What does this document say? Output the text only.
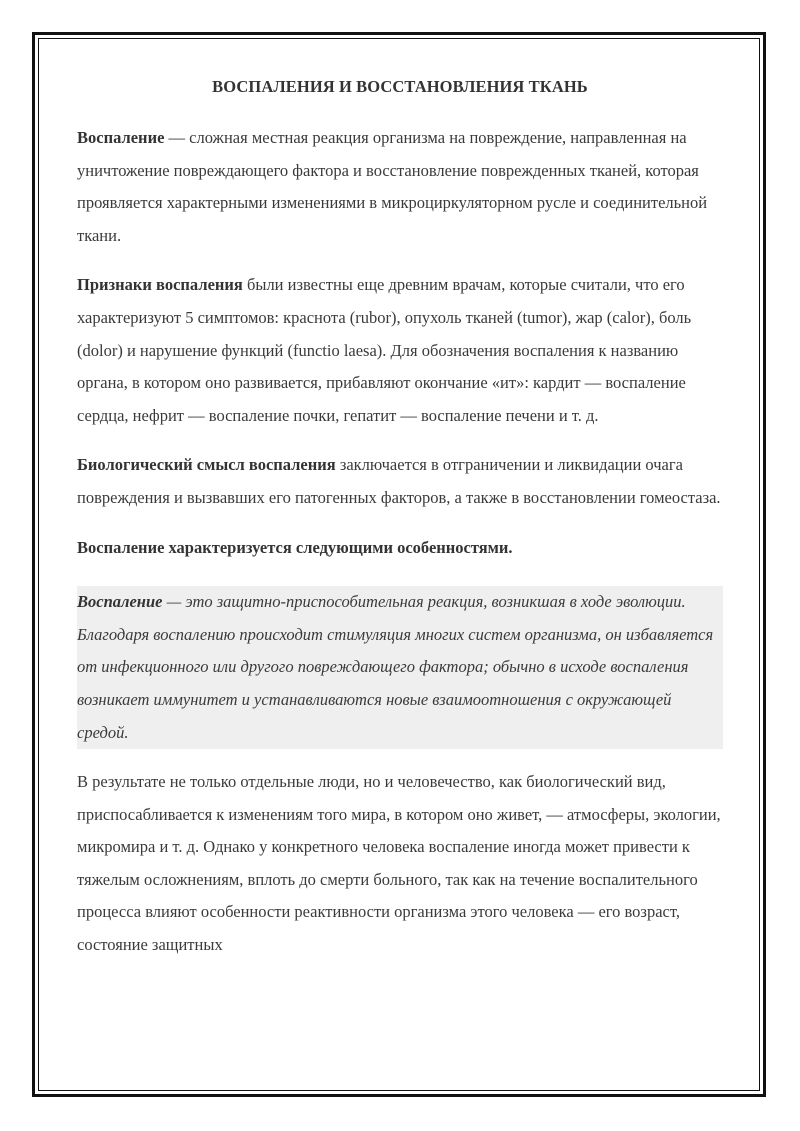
ВОСПАЛЕНИЯ И ВОССТАНОВЛЕНИЯ ТКАНЬ

Воспаление — сложная местная реакция организма на повреждение, направленная на уничтожение повреждающего фактора и восстановление поврежденных тканей, которая проявляется характерными изменениями в микроциркуляторном русле и соединительной ткани.

Признаки воспаления были известны еще древним врачам, которые считали, что его характеризуют 5 симптомов: краснота (rubor), опухоль тканей (tumor), жар (calor), боль (dolor) и нарушение функций (functio laesa). Для обозначения воспаления к названию органа, в котором оно развивается, прибавляют окончание «ит»: кардит — воспаление сердца, нефрит — воспаление почки, гепатит — воспаление печени и т. д.

Биологический смысл воспаления заключается в отграничении и ликвидации очага повреждения и вызвавших его патогенных факторов, а также в восстановлении гомеостаза.

Воспаление характеризуется следующими особенностями.

Воспаление — это защитно-приспособительная реакция, возникшая в ходе эволюции. Благодаря воспалению происходит стимуляция многих систем организма, он избавляется от инфекционного или другого повреждающего фактора; обычно в исходе воспаления возникает иммунитет и устанавливаются новые взаимоотношения с окружающей средой.

В результате не только отдельные люди, но и человечество, как биологический вид, приспосабливается к изменениям того мира, в котором оно живет, — атмосферы, экологии, микромира и т. д. Однако у конкретного человека воспаление иногда может привести к тяжелым осложнениям, вплоть до смерти больного, так как на течение воспалительного процесса влияют особенности реактивности организма этого человека — его возраст, состояние защитных
